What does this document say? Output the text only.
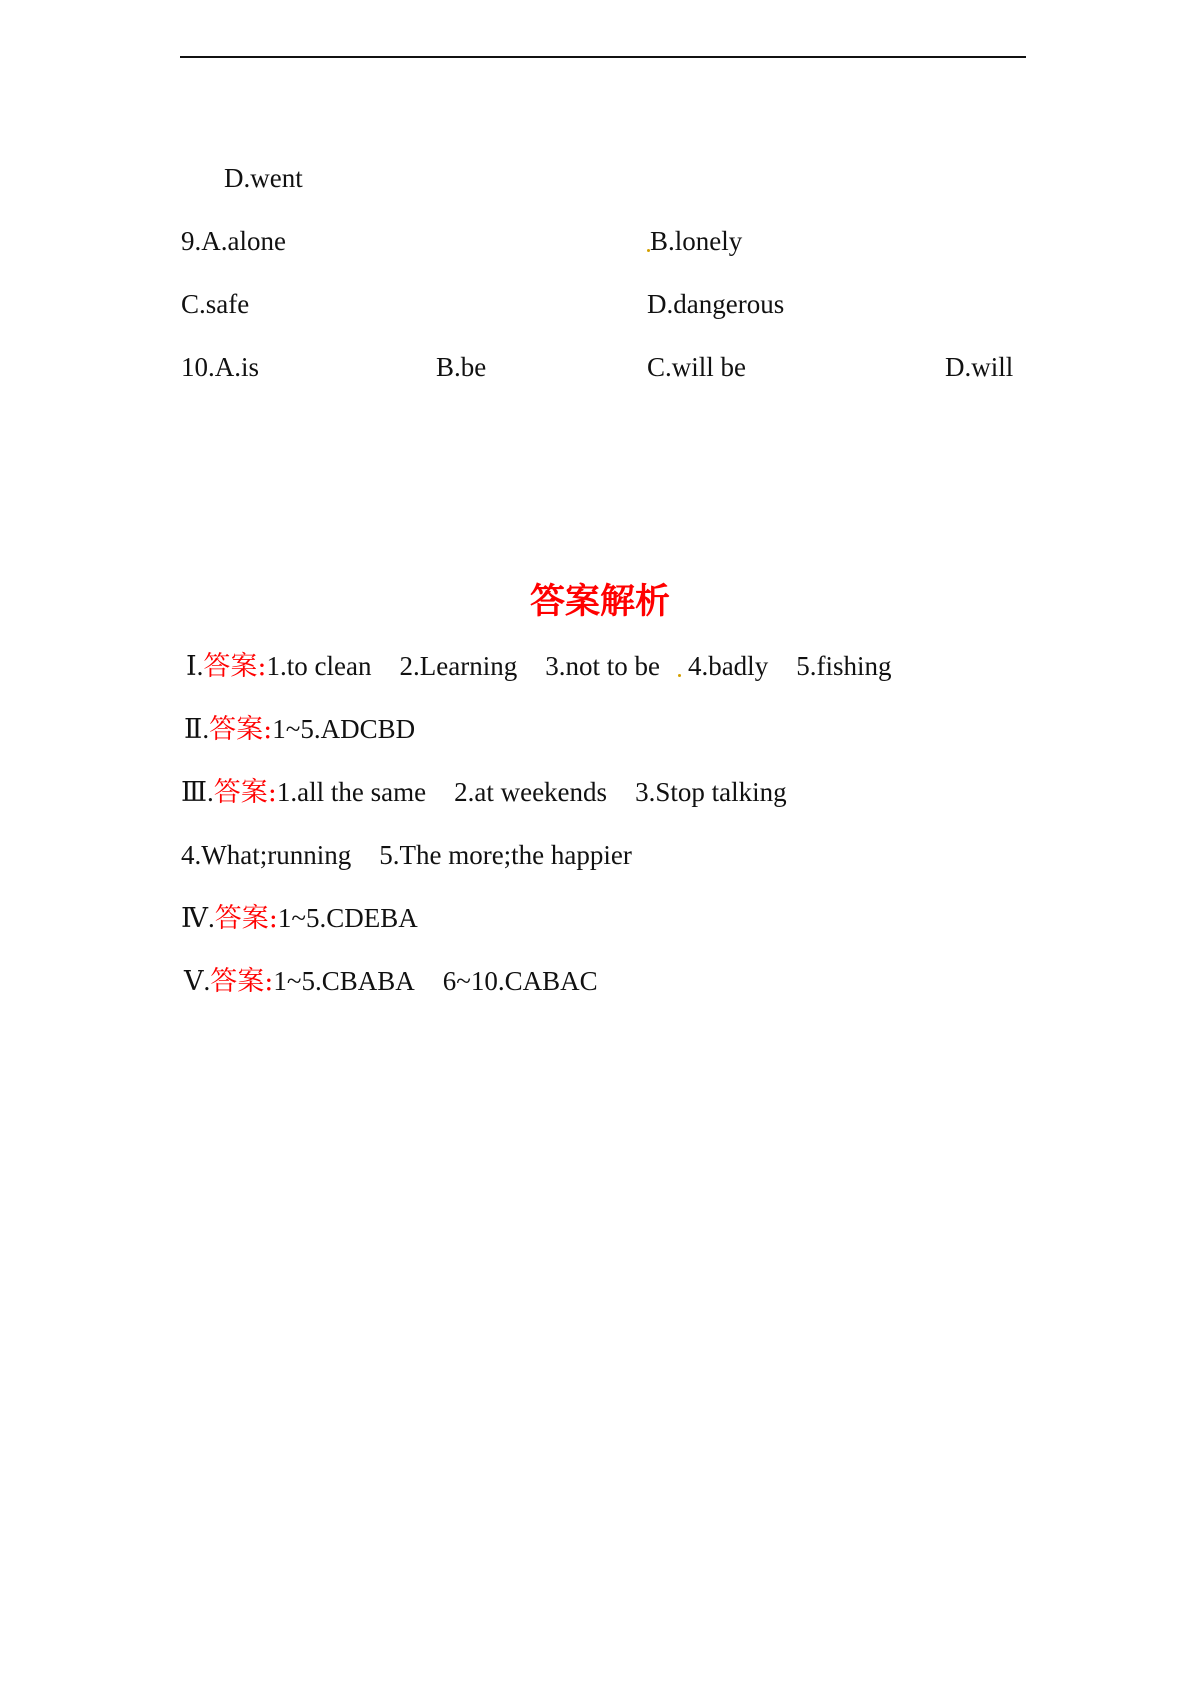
D.went
9.A.alone	B.lonely
C.safe	D.dangerous
10.A.is	B.be	C.will be	D.will
答案解析
Ⅰ.答案:1.to clean 2.Learning 3.not to be 4.badly 5.fishing
Ⅱ.答案:1~5.ADCBD
Ⅲ.答案:1.all the same 2.at weekends 3.Stop talking
4.What;running 5.The more;the happier
Ⅳ.答案:1~5.CDEBA
Ⅴ.答案:1~5.CBABA 6~10.CABAC
